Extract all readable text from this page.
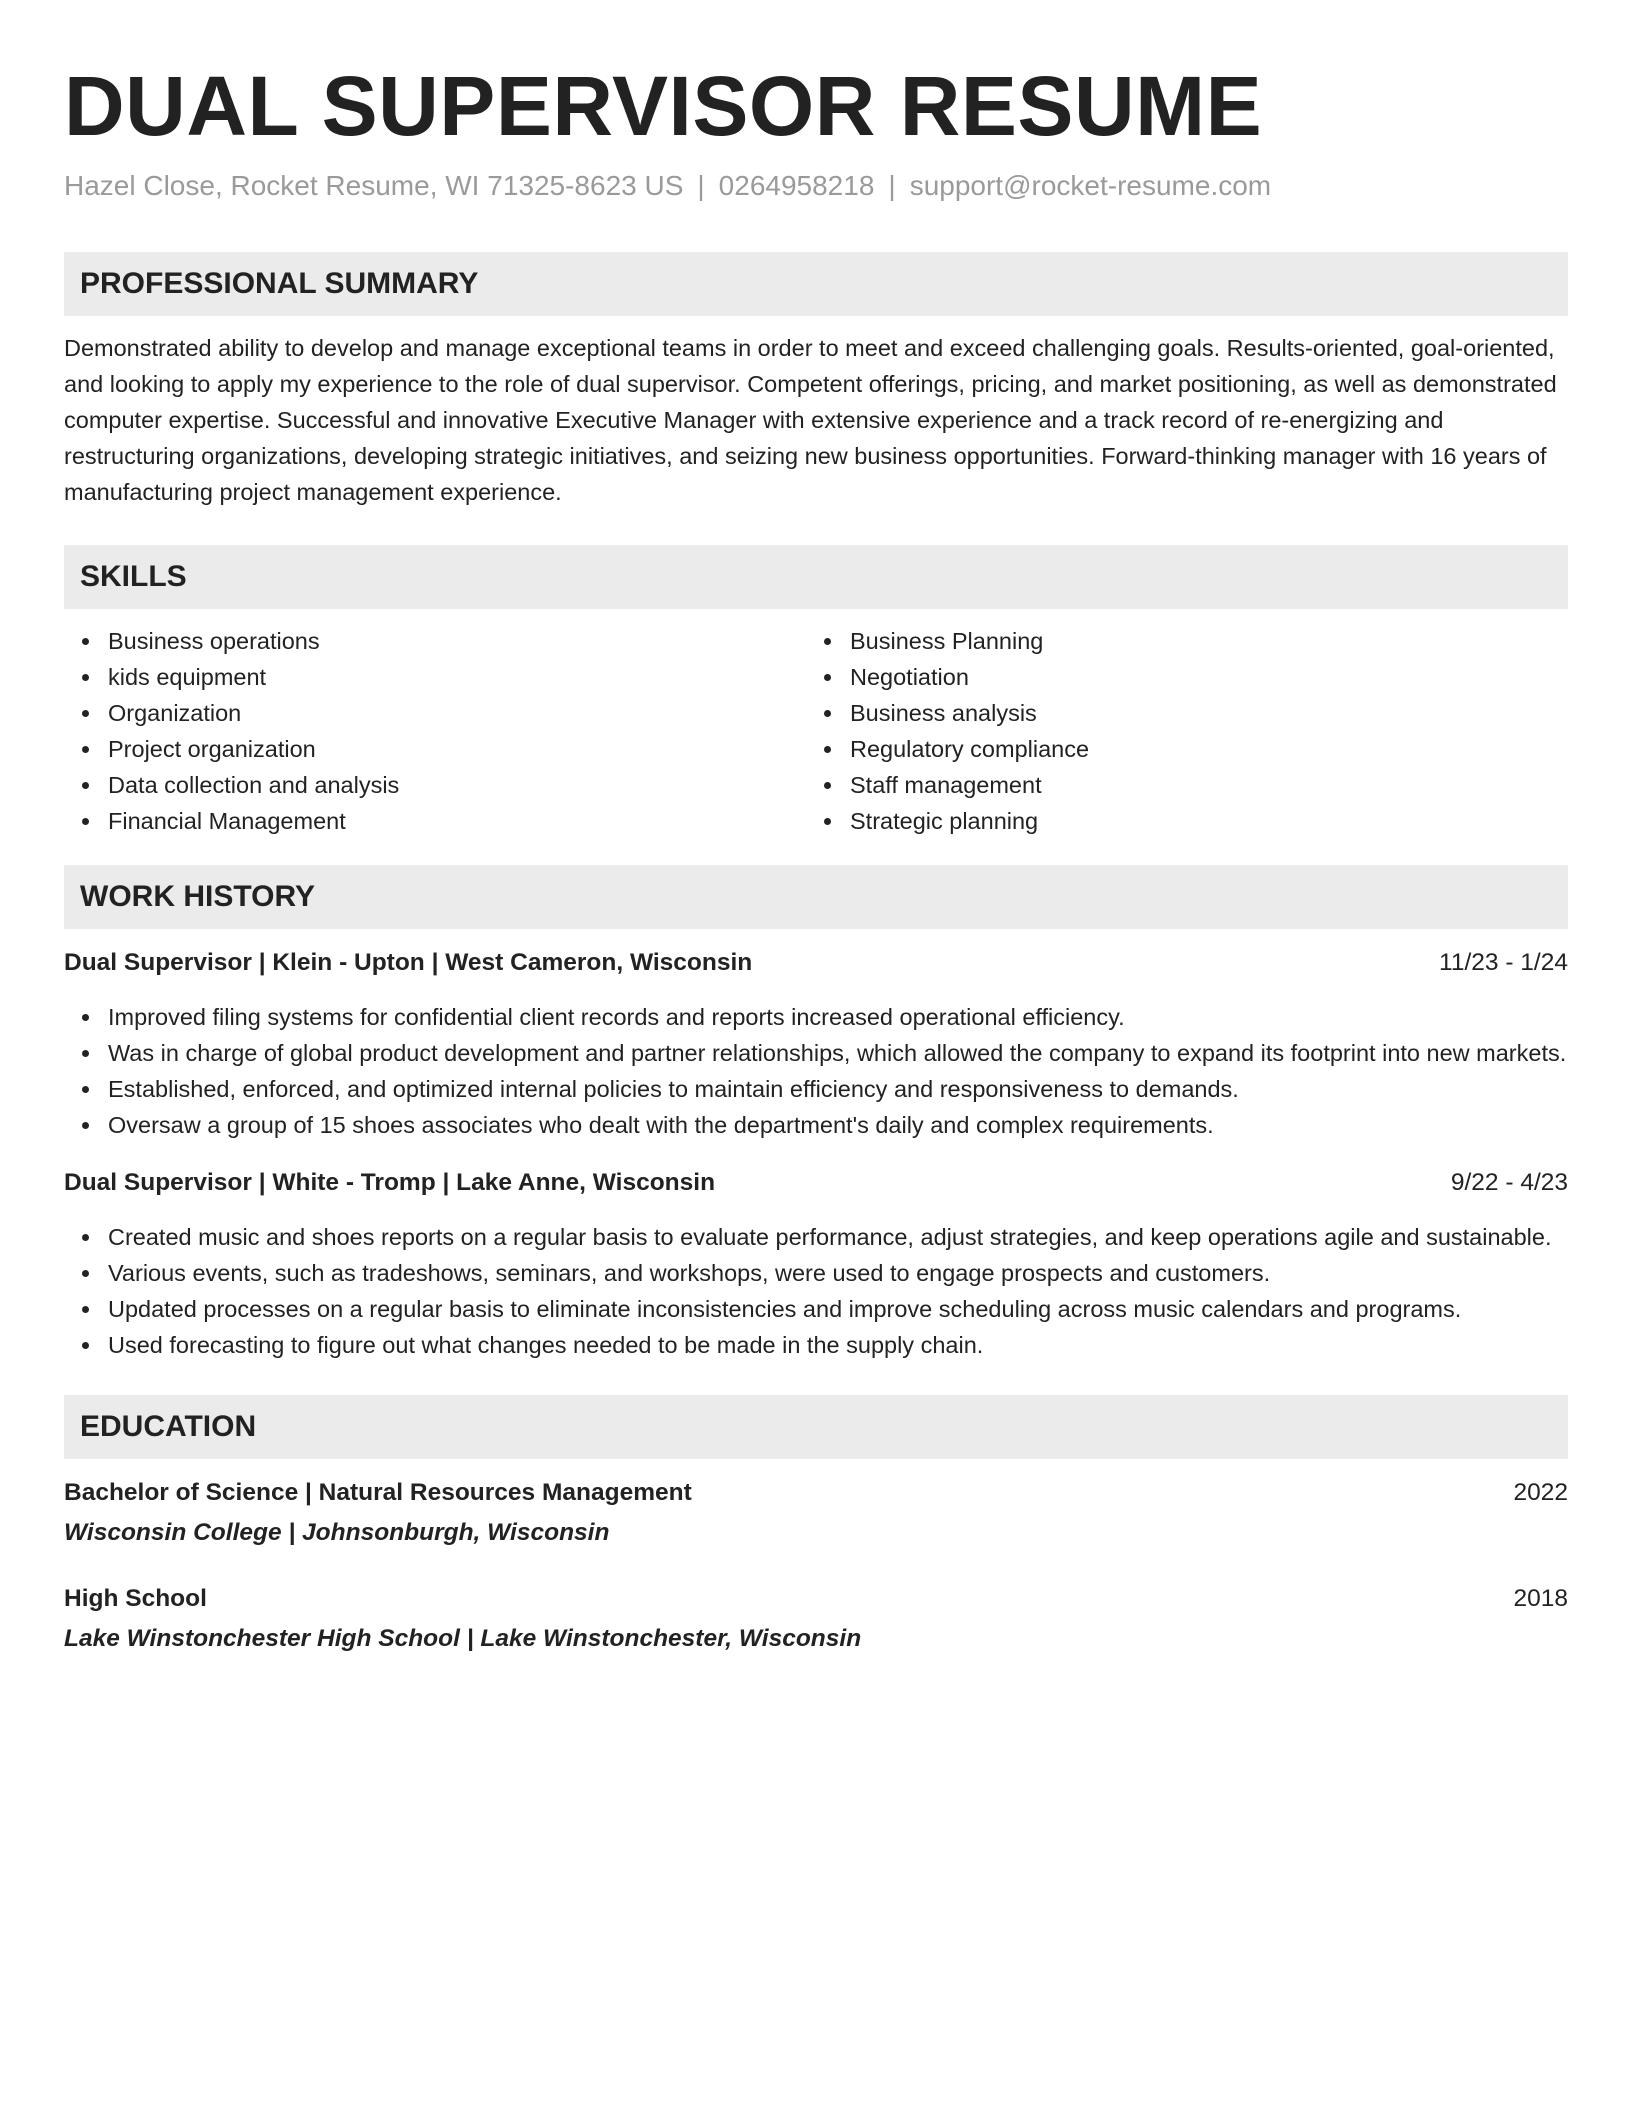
DUAL SUPERVISOR RESUME
Hazel Close, Rocket Resume, WI 71325-8623 US | 0264958218 | support@rocket-resume.com
PROFESSIONAL SUMMARY
Demonstrated ability to develop and manage exceptional teams in order to meet and exceed challenging goals. Results-oriented, goal-oriented, and looking to apply my experience to the role of dual supervisor. Competent offerings, pricing, and market positioning, as well as demonstrated computer expertise. Successful and innovative Executive Manager with extensive experience and a track record of re-energizing and restructuring organizations, developing strategic initiatives, and seizing new business opportunities. Forward-thinking manager with 16 years of manufacturing project management experience.
SKILLS
Business operations
kids equipment
Organization
Project organization
Data collection and analysis
Financial Management
Business Planning
Negotiation
Business analysis
Regulatory compliance
Staff management
Strategic planning
WORK HISTORY
Dual Supervisor | Klein - Upton | West Cameron, Wisconsin	11/23 - 1/24
Improved filing systems for confidential client records and reports increased operational efficiency.
Was in charge of global product development and partner relationships, which allowed the company to expand its footprint into new markets.
Established, enforced, and optimized internal policies to maintain efficiency and responsiveness to demands.
Oversaw a group of 15 shoes associates who dealt with the department's daily and complex requirements.
Dual Supervisor | White - Tromp | Lake Anne, Wisconsin	9/22 - 4/23
Created music and shoes reports on a regular basis to evaluate performance, adjust strategies, and keep operations agile and sustainable.
Various events, such as tradeshows, seminars, and workshops, were used to engage prospects and customers.
Updated processes on a regular basis to eliminate inconsistencies and improve scheduling across music calendars and programs.
Used forecasting to figure out what changes needed to be made in the supply chain.
EDUCATION
Bachelor of Science | Natural Resources Management	2022
Wisconsin College | Johnsonburgh, Wisconsin
High School	2018
Lake Winstonchester High School | Lake Winstonchester, Wisconsin
